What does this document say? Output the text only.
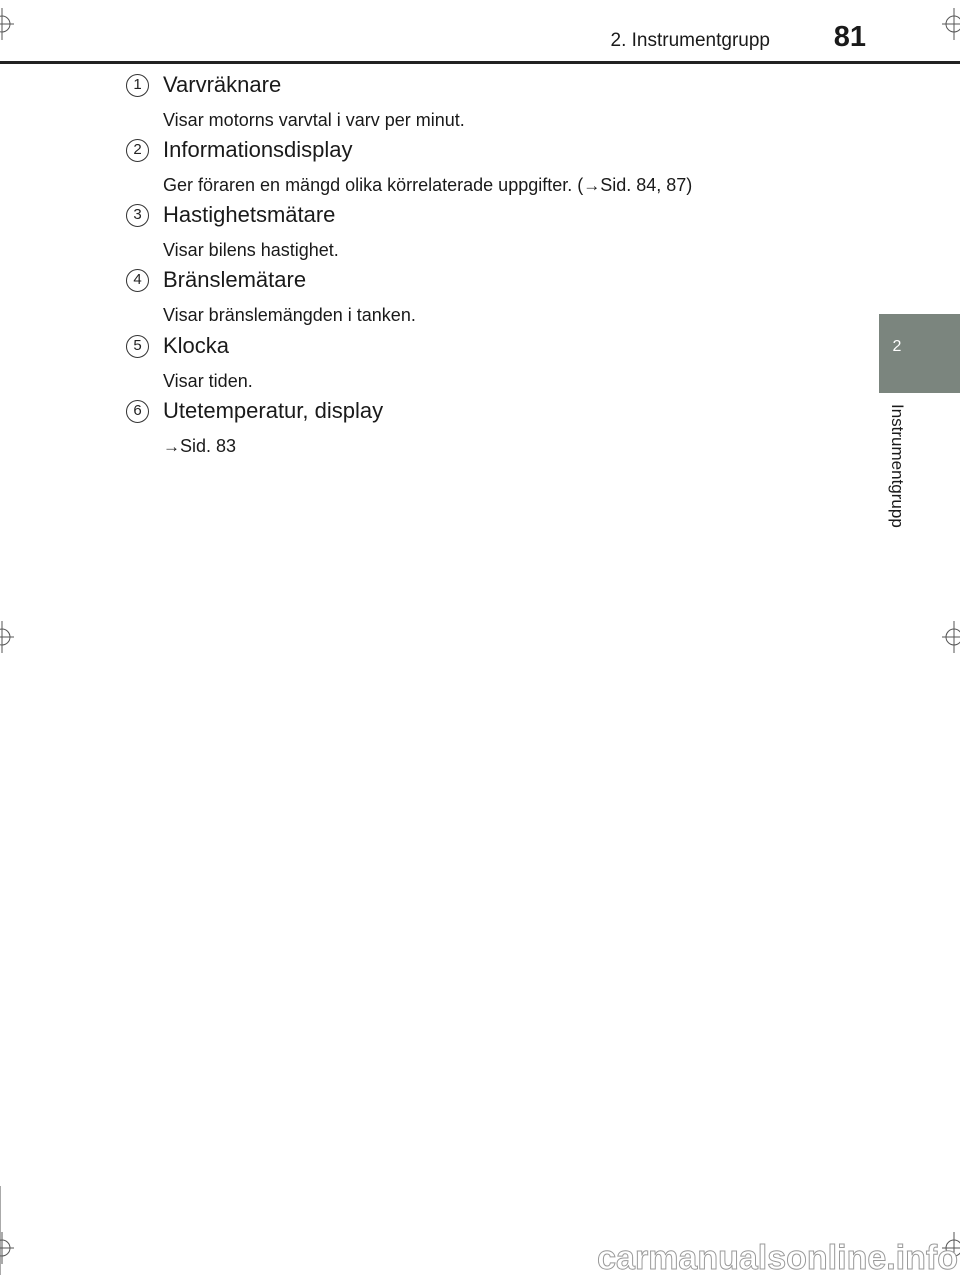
2. Instrumentgrupp	81
2
Instrumentgrupp
1 Varvräknare
Visar motorns varvtal i varv per minut.
2 Informationsdisplay
Ger föraren en mängd olika körrelaterade uppgifter. (→Sid. 84, 87)
3 Hastighetsmätare
Visar bilens hastighet.
4 Bränslemätare
Visar bränslemängden i tanken.
5 Klocka
Visar tiden.
6 Utetemperatur, display
→Sid. 83
carmanualsonline.info
